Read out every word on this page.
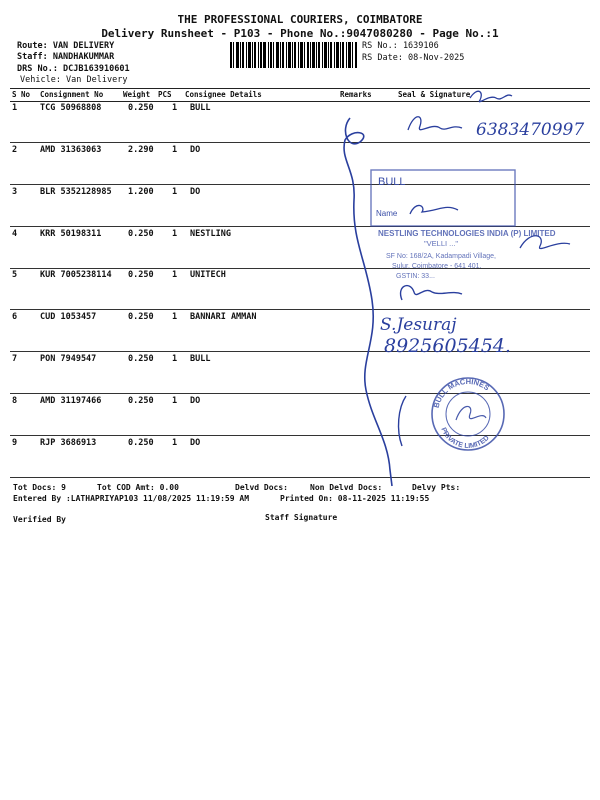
THE PROFESSIONAL COURIERS, COIMBATORE
Delivery Runsheet - P103 - Phone No.:9047080280 - Page No.:1
Route: VAN DELIVERY
Staff: NANDHAKUMMAR
DRS No.: DCJB163910601
Vehicle: Van Delivery
RS No.: 1639106
RS Date: 08-Nov-2025
S No Consignment No	Weight PCS Consignee Details	Remarks	Seal & Signature
1	TCG 50968808	0.250 1 BULL
2	AMD 31363063	2.290 1 DO
3	BLR 5352128985 1.200 1 DO
4	KRR 50198311	0.250 1 NESTLING
5	KUR 7005238114 0.250 1 UNITECH
6	CUD 1053457	0.250 1 BANNARI AMMAN
7	PON 7949547	0.250 1 BULL
8	AMD 31197466	0.250 1 DO
9	RJP 3686913	0.250 1 DO
Tot Docs: 9	Tot COD Amt: 0.00	Delvd Docs:	Non Delvd Docs:	Delvy Pts:
Entered By :LATHAPRIYAP103 11/08/2025 11:19:59 AM	Printed On: 08-11-2025 11:19:55
Verified By	Staff Signature
6383470997
BULL
Name
NESTLING TECHNOLOGIES INDIA (P) LIMITED
"VELLI ..."
SF No: 168/2A, Kadampadi Village,
Sulur, Coimbatore - 641 401.
GSTIN: 33...
S.Jesuraj
8925605454.
BULL MACHINES
PRIVATE LIMITED
